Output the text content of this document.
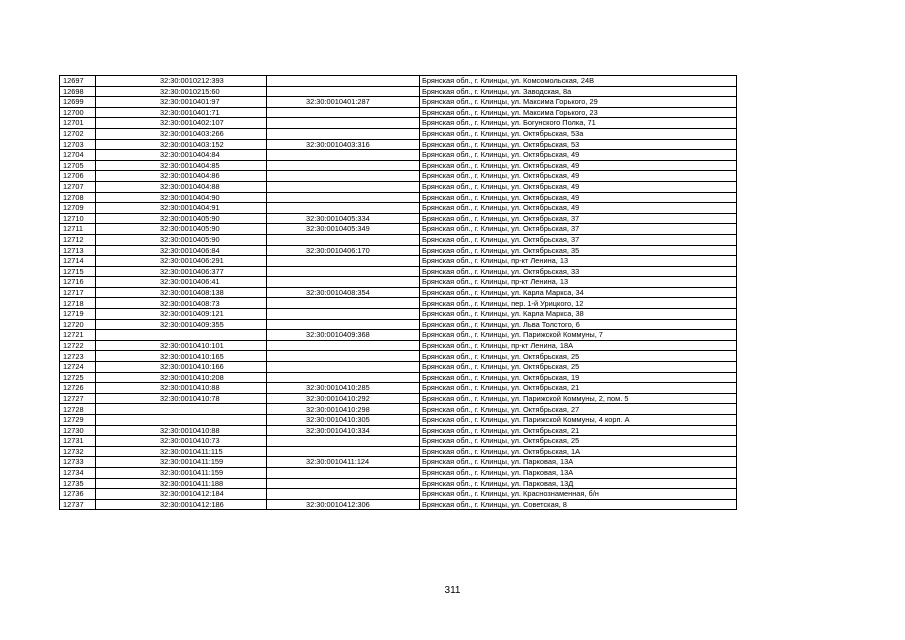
12697	32:30:0010212:393		Брянская обл., г. Клинцы, ул. Комсомольская, 24В
12698	32:30:0010215:60		Брянская обл., г. Клинцы, ул. Заводская, 8а
12699	32:30:0010401:97	32:30:0010401:287	Брянская обл., г. Клинцы, ул. Максима Горького, 29
12700	32:30:0010401:71		Брянская обл., г. Клинцы, ул. Максима Горького, 23
12701	32:30:0010402:107		Брянская обл., г. Клинцы, ул. Богунского Полка, 71
12702	32:30:0010403:266		Брянская обл., г. Клинцы, ул. Октябрьская, 53а
12703	32:30:0010403:152	32:30:0010403:316	Брянская обл., г. Клинцы, ул. Октябрьская, 53
12704	32:30:0010404:84		Брянская обл., г. Клинцы, ул. Октябрьская, 49
12705	32:30:0010404:85		Брянская обл., г. Клинцы, ул. Октябрьская, 49
12706	32:30:0010404:86		Брянская обл., г. Клинцы, ул. Октябрьская, 49
12707	32:30:0010404:88		Брянская обл., г. Клинцы, ул. Октябрьская, 49
12708	32:30:0010404:90		Брянская обл., г. Клинцы, ул. Октябрьская, 49
12709	32:30:0010404:91		Брянская обл., г. Клинцы, ул. Октябрьская, 49
12710	32:30:0010405:90	32:30:0010405:334	Брянская обл., г. Клинцы, ул. Октябрьская, 37
12711	32:30:0010405:90	32:30:0010405:349	Брянская обл., г. Клинцы, ул. Октябрьская, 37
12712	32:30:0010405:90		Брянская обл., г. Клинцы, ул. Октябрьская, 37
12713	32:30:0010406:84	32:30:0010406:170	Брянская обл., г. Клинцы, ул. Октябрьская, 35
12714	32:30:0010406:291		Брянская обл., г. Клинцы, пр-кт Ленина, 13
12715	32:30:0010406:377		Брянская обл., г. Клинцы, ул. Октябрьская, 33
12716	32:30:0010406:41		Брянская обл., г. Клинцы, пр-кт Ленина, 13
12717	32:30:0010408:138	32:30:0010408:354	Брянская обл., г. Клинцы, ул. Карла Маркса, 34
12718	32:30:0010408:73		Брянская обл., г. Клинцы, пер. 1-й Урицкого, 12
12719	32:30:0010409:121		Брянская обл., г. Клинцы, ул. Карла Маркса, 38
12720	32:30:0010409:355		Брянская обл., г. Клинцы, ул. Льва Толстого, 6
12721		32:30:0010409:368	Брянская обл., г. Клинцы, ул. Парижской Коммуны, 7
12722	32:30:0010410:101		Брянская обл., г. Клинцы, пр-кт Ленина, 18А
12723	32:30:0010410:165		Брянская обл., г. Клинцы, ул. Октябрьская, 25
12724	32:30:0010410:166		Брянская обл., г. Клинцы, ул. Октябрьская, 25
12725	32:30:0010410:208		Брянская обл., г. Клинцы, ул. Октябрьская, 19
12726	32:30:0010410:88	32:30:0010410:285	Брянская обл., г. Клинцы, ул. Октябрьская, 21
12727	32:30:0010410:78	32:30:0010410:292	Брянская обл., г. Клинцы, ул. Парижской Коммуны, 2, пом. 5
12728		32:30:0010410:298	Брянская обл., г. Клинцы, ул. Октябрьская, 27
12729		32:30:0010410:305	Брянская обл., г. Клинцы, ул. Парижской Коммуны, 4 корп. А
12730	32:30:0010410:88	32:30:0010410:334	Брянская обл., г. Клинцы, ул. Октябрьская, 21
12731	32:30:0010410:73		Брянская обл., г. Клинцы, ул. Октябрьская, 25
12732	32:30:0010411:115		Брянская обл., г. Клинцы, ул. Октябрьская, 1А
12733	32:30:0010411:159	32:30:0010411:124	Брянская обл., г. Клинцы, ул. Парковая, 13А
12734	32:30:0010411:159		Брянская обл., г. Клинцы, ул. Парковая, 13А
12735	32:30:0010411:188		Брянская обл., г. Клинцы, ул. Парковая, 13Д
12736	32:30:0010412:184		Брянская обл., г. Клинцы, ул. Краснознаменная, б/н
12737	32:30:0010412:186	32:30:0010412:306	Брянская обл., г. Клинцы, ул. Советская, 8
311
